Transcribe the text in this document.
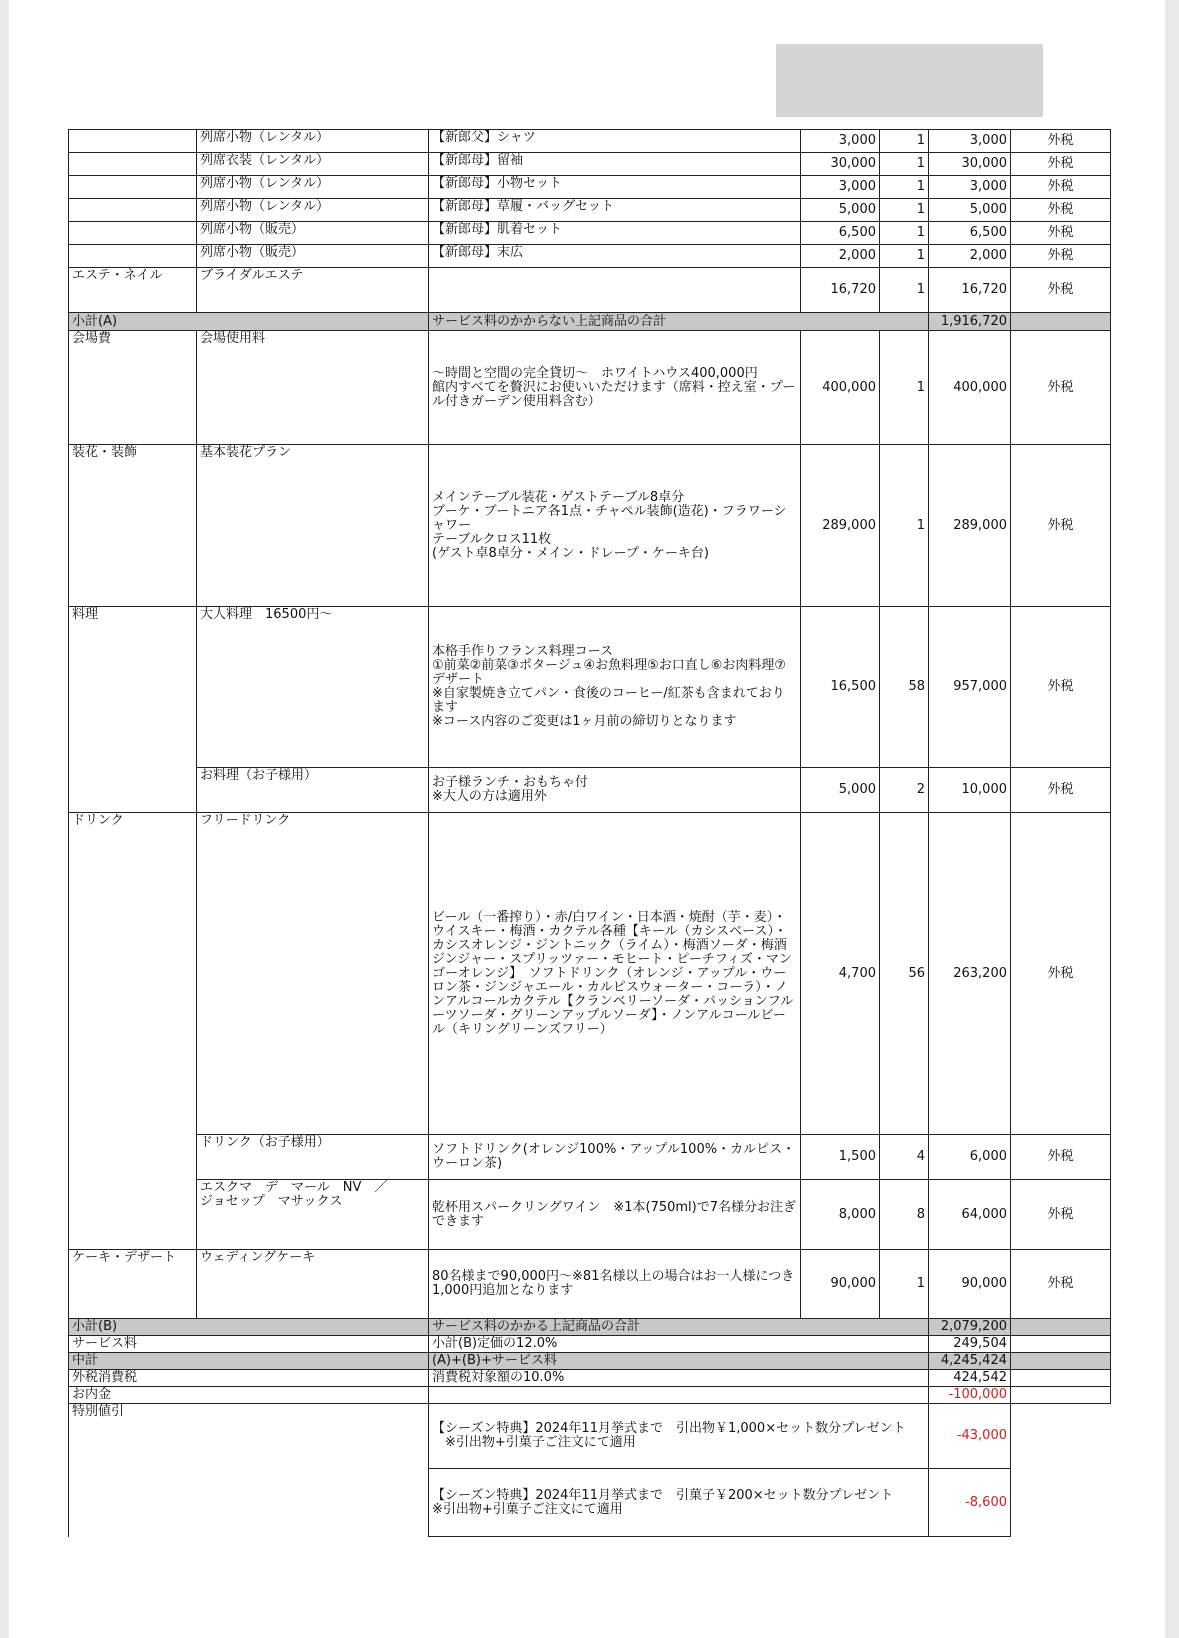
	列席小物（レンタル）	【新郎父】シャツ	3,000	1	3,000	外税
	列席衣装（レンタル）	【新郎母】留袖	30,000	1	30,000	外税
	列席小物（レンタル）	【新郎母】小物セット	3,000	1	3,000	外税
	列席小物（レンタル）	【新郎母】草履・バッグセット	5,000	1	5,000	外税
	列席小物（販売）	【新郎母】肌着セット	6,500	1	6,500	外税
	列席小物（販売）	【新郎母】末広	2,000	1	2,000	外税
エステ・ネイル	ブライダルエステ		16,720	1	16,720	外税
小計(A)		サービス料のかからない上記商品の合計			1,916,720	
会場費	会場使用料	～時間と空間の完全貸切～　ホワイトハウス400,000円
館内すべてを贅沢にお使いいただけます（席料・控え室・プール付きガーデン使用料含む）	400,000	1	400,000	外税
装花・装飾	基本装花プラン	メインテーブル装花・ゲストテーブル8卓分
ブーケ・ブートニア各1点・チャペル装飾(造花)・フラワーシャワー
テーブルクロス11枚
(ゲスト卓8卓分・メイン・ドレープ・ケーキ台)	289,000	1	289,000	外税
料理	大人料理　16500円～	本格手作りフランス料理コース
①前菜②前菜③ポタージュ④お魚料理⑤お口直し⑥お肉料理⑦デザート
※自家製焼き立てパン・食後のコーヒー/紅茶も含まれております
※コース内容のご変更は1ヶ月前の締切りとなります	16,500	58	957,000	外税
	お料理（お子様用）	お子様ランチ・おもちゃ付
※大人の方は適用外	5,000	2	10,000	外税
ドリンク	フリードリンク	ビール（一番搾り）・赤/白ワイン・日本酒・焼酎（芋・麦）・ウイスキー・梅酒・カクテル各種【キール（カシスベース）・カシスオレンジ・ジントニック（ライム）・梅酒ソーダ・梅酒ジンジャー・スプリッツァー・モヒート・ピーチフィズ・マンゴーオレンジ】　ソフトドリンク（オレンジ・アップル・ウーロン茶・ジンジャエール・カルピスウォーター・コーラ）・ノンアルコールカクテル【クランベリーソーダ・パッションフルーツソーダ・グリーンアップルソーダ】・ノンアルコールビール（キリングリーンズフリー）	4,700	56	263,200	外税
	ドリンク（お子様用）	ソフトドリンク(オレンジ100%・アップル100%・カルピス・ウーロン茶)	1,500	4	6,000	外税
	エスクマ　デ　マール　NV　／
ジョセップ　マサックス	乾杯用スパークリングワイン　※1本(750ml)で7名様分お注ぎできます	8,000	8	64,000	外税
ケーキ・デザート	ウェディングケーキ	80名様まで90,000円～※81名様以上の場合はお一人様につき1,000円追加となります	90,000	1	90,000	外税
小計(B)		サービス料のかかる上記商品の合計			2,079,200	
サービス料		小計(B)定価の12.0%			249,504	
中計		(A)+(B)+サービス料			4,245,424	
外税消費税		消費税対象額の10.0%			424,542	
お内金					-100,000	
特別値引		【シーズン特典】2024年11月挙式まで　引出物￥1,000×セット数分プレゼント
　※引出物+引菓子ご注文にて適用			-43,000	
		【シーズン特典】2024年11月挙式まで　引菓子￥200×セット数分プレゼント
※引出物+引菓子ご注文にて適用			-8,600	
